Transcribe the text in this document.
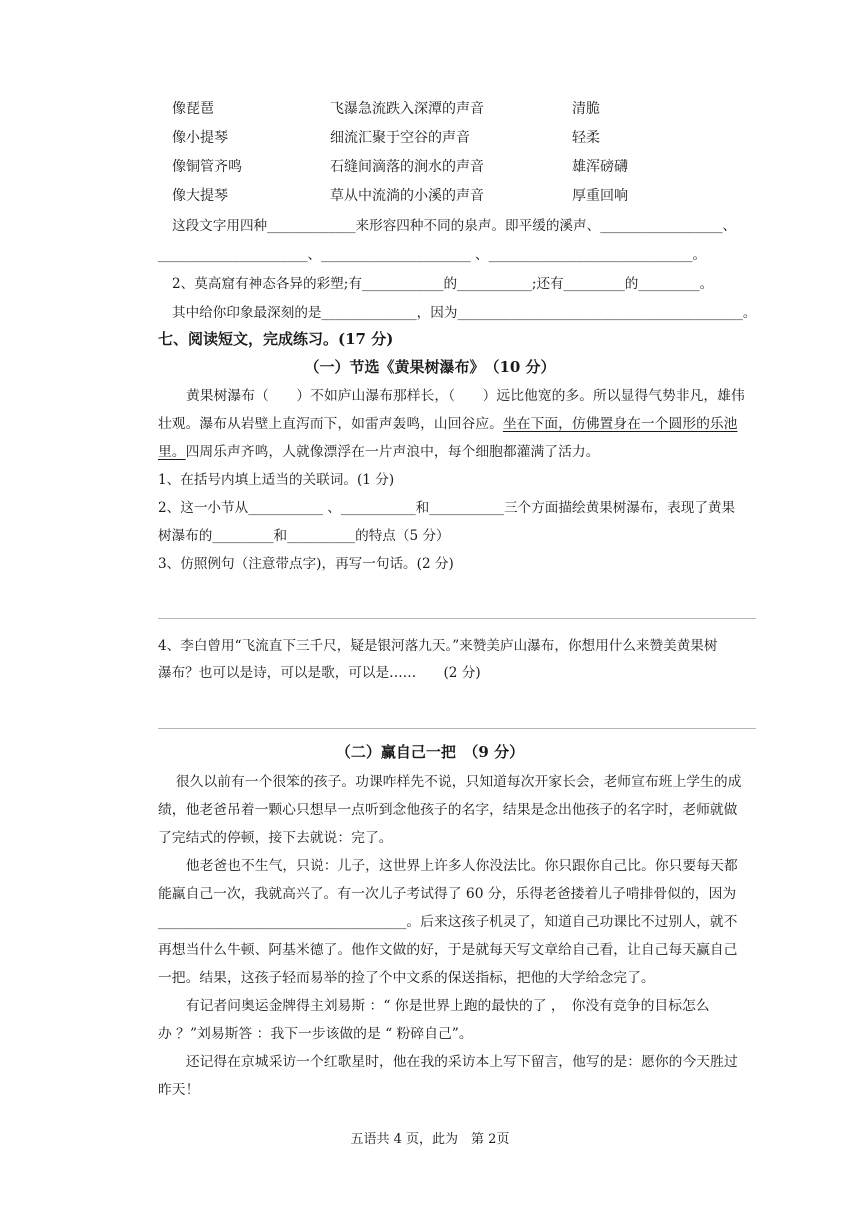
像琵琶	飞瀑急流跌入深潭的声音	清脆
像小提琴	细流汇聚于空谷的声音	轻柔
像铜管齐鸣	石缝间滴落的涧水的声音	雄浑磅礴
像大提琴	草从中流淌的小溪的声音	厚重回响
这段文字用四种_____________来形容四种不同的泉声。即平缓的溪声、__________________、
______________________、______________________ 、______________________________。
2、莫高窟有神态各异的彩塑;有____________的___________;还有_________的_________。
其中给你印象最深刻的是______________，因为__________________________________________。
七、阅读短文，完成练习。(17 分)
（一）节选《黄果树瀑布》　（10 分）
黄果树瀑布（　　）不如庐山瀑布那样长，（　　）远比他宽的多。所以显得气势非凡，雄伟
壮观。瀑布从岩壁上直泻而下，如雷声轰鸣，山回谷应。坐在下面，仿佛置身在一个圆形的乐池
里。四周乐声齐鸣，人就像漂浮在一片声浪中，每个细胞都灌满了活力。
1、在括号内填上适当的关联词。(1 分)
2、这一小节从___________ 、___________和___________三个方面描绘黄果树瀑布，表现了黄果
树瀑布的_________和__________的特点（5 分）
3、仿照例句（注意带点字)，再写一句话。(2 分)
4、李白曾用“飞流直下三千尺，疑是银河落九天。”来赞美庐山瀑布，你想用什么来赞美黄果树
瀑布？也可以是诗，可以是歌，可以是……　　(2 分)
（二）赢自己一把　（9 分）
　很久以前有一个很笨的孩子。功课咋样先不说，只知道每次开家长会，老师宣布班上学生的成
绩，他老爸吊着一颗心只想早一点听到念他孩子的名字，结果是念出他孩子的名字时，老师就做
了完结式的停顿，接下去就说：完了。
　他老爸也不生气，只说：儿子，这世界上许多人你没法比。你只跟你自己比。你只要每天都
能赢自己一次，我就高兴了。有一次儿子考试得了 60 分，乐得老爸搂着儿子啃排骨似的，因为
____________________________________。后来这孩子机灵了，知道自己功课比不过别人，就不
再想当什么牛顿、阿基米德了。他作文做的好，于是就每天写文章给自己看，让自己每天赢自己
一把。结果，这孩子轻而易举的捡了个中文系的保送指标，把他的大学给念完了。
　有记者问奥运金牌得主刘易斯 ：“ 你是世界上跑的最快的了 ，　你没有竞争的目标怎么
办 ？”刘易斯答 ：我下一步该做的是 “ 粉碎自己”。
　还记得在京城采访一个红歌星时，他在我的采访本上写下留言，他写的是：愿你的今天胜过
昨天！
五语共 4 页，此为　第 2页
